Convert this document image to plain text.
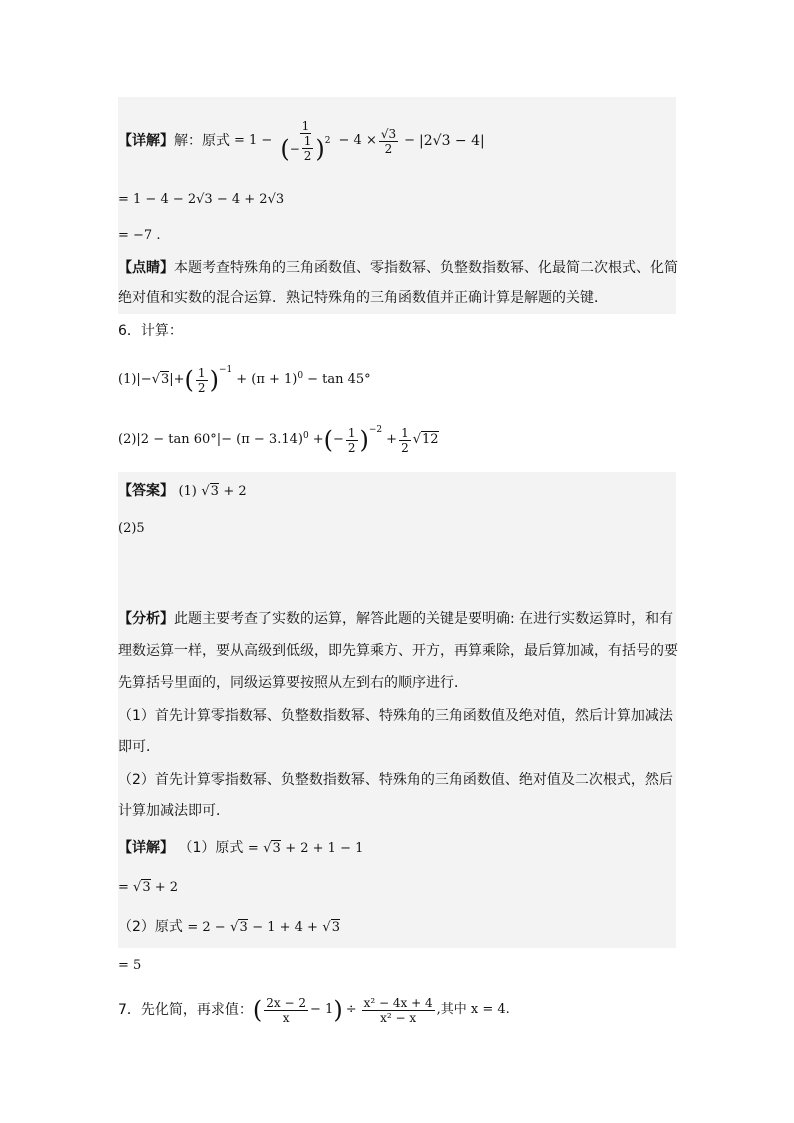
【详解】 解：原式 = 1 −
1
( − $\frac{1}{2} )^2 - 4 \times \frac{√3}{2} - |2√3 - 4|$
= 1 − 4 − 2√3 − 4 + 2√3
= −7 .
【点睛】本题考查特殊角的三角函数值、零指数幂、负整数指数幂、化最简二次根式、化简
绝对值和实数的混合运算．熟记特殊角的三角函数值并正确计算是解题的关键．
6．计算：
(1)|− √3 |+ ( $\frac{1}{2} )^{-1}$
+ $(\pi + 1)^0 - \tan 45^\circ$
$(2)|2 - \tan 60^\circ|- (\pi - 3.14)^0$ + ( − $\frac{1}{2} )^{-2}$
+ $\frac{1}{2} √12$
【答案】 (1) √3 + 2
(2)5
【分析】此题主要考查了实数的运算，解答此题的关键是要明确: 在进行实数运算时，和有
理数运算一样，要从高级到低级，即先算乘方、开方，再算乘除，最后算加减，有括号的要
先算括号里面的，同级运算要按照从左到右的顺序进行．
（1）首先计算零指数幂、负整数指数幂、特殊角的三角函数值及绝对值，然后计算加减法
即可．
（2）首先计算零指数幂、负整数指数幂、特殊角的三角函数值、绝对值及二次根式，然后
计算加减法即可．
【详解】 （1）原式 = √3 + 2 + 1 − 1
= √3 + 2
（2）原式 = 2 − √3 − 1 + 4 + √3
= 5
7．先化简，再求值： ( $\frac{2x - 2}{x} - 1$ ) ÷ $\frac{\text{x² − 4x + 4}}{\text{x² − x}}$ ,其中 x = 4.
